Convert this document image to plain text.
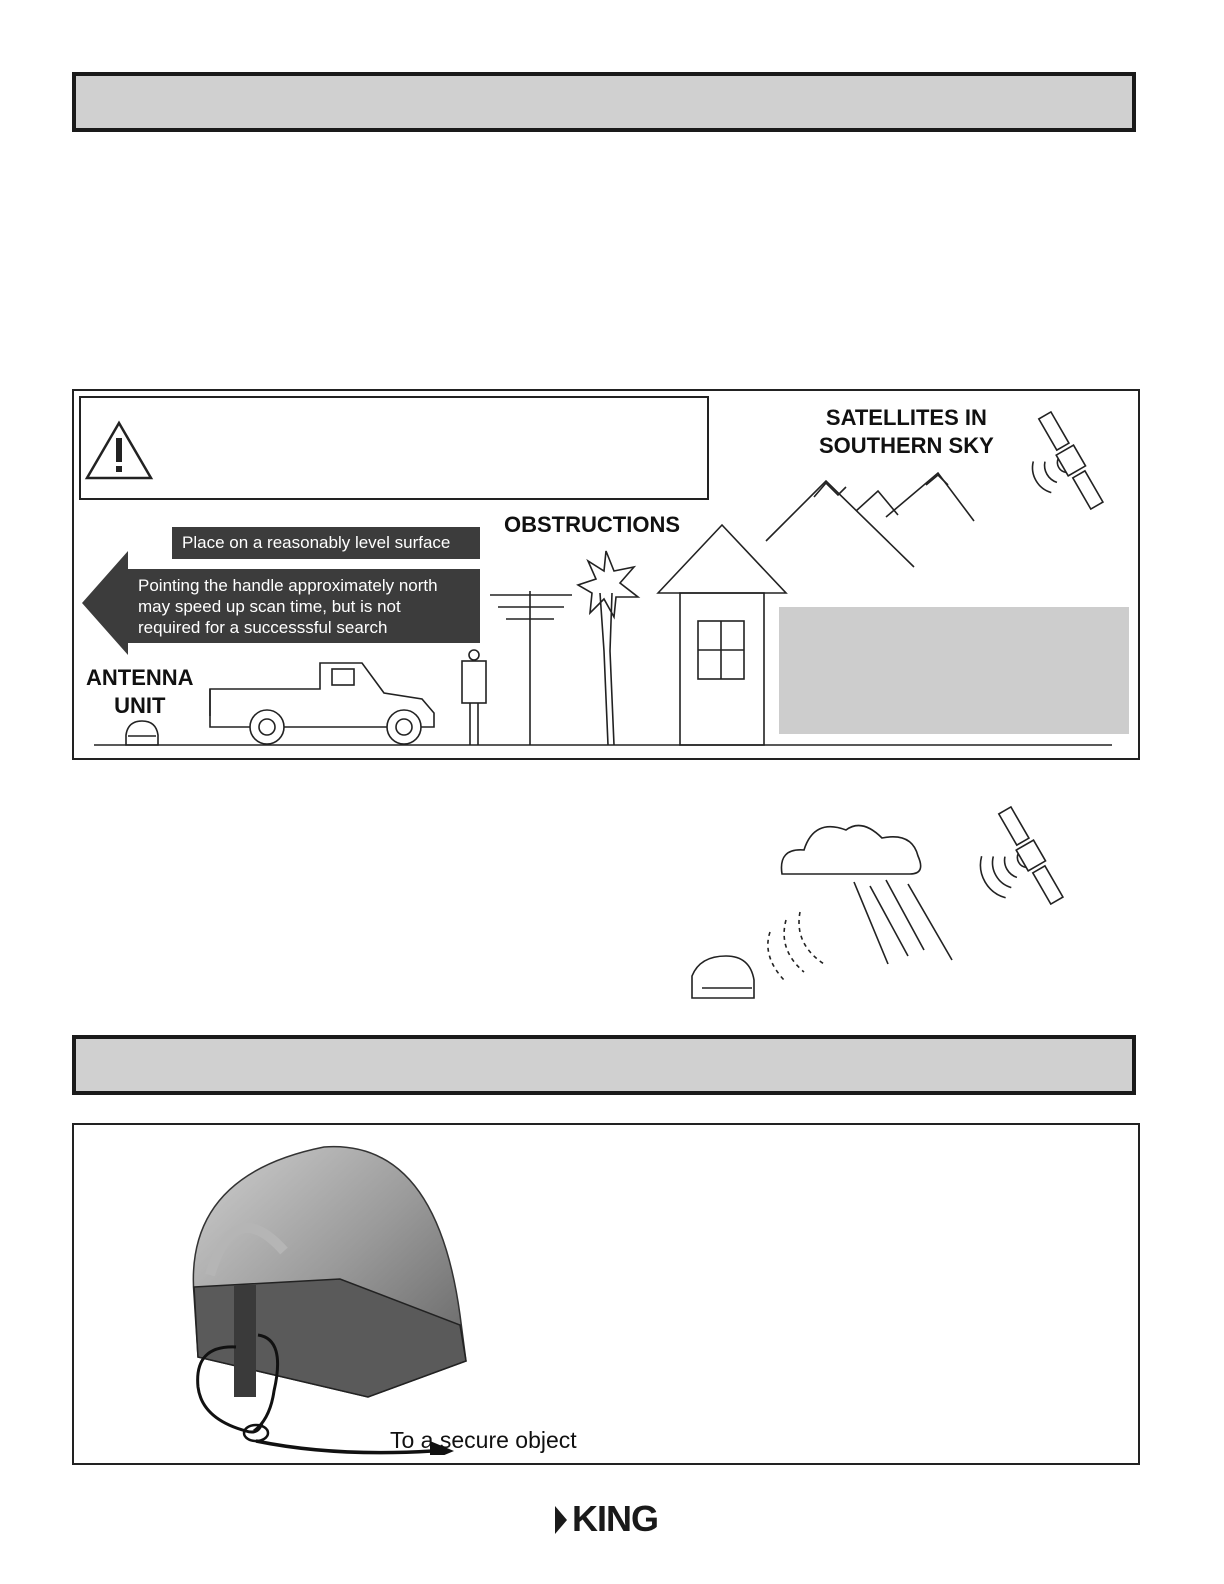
SATELLITES IN
SOUTHERN SKY
OBSTRUCTIONS
Place on a reasonably level surface
Pointing the handle approximately north
may speed up scan time, but is not
required for a successsful search
ANTENNA
UNIT
To a secure object
KING
